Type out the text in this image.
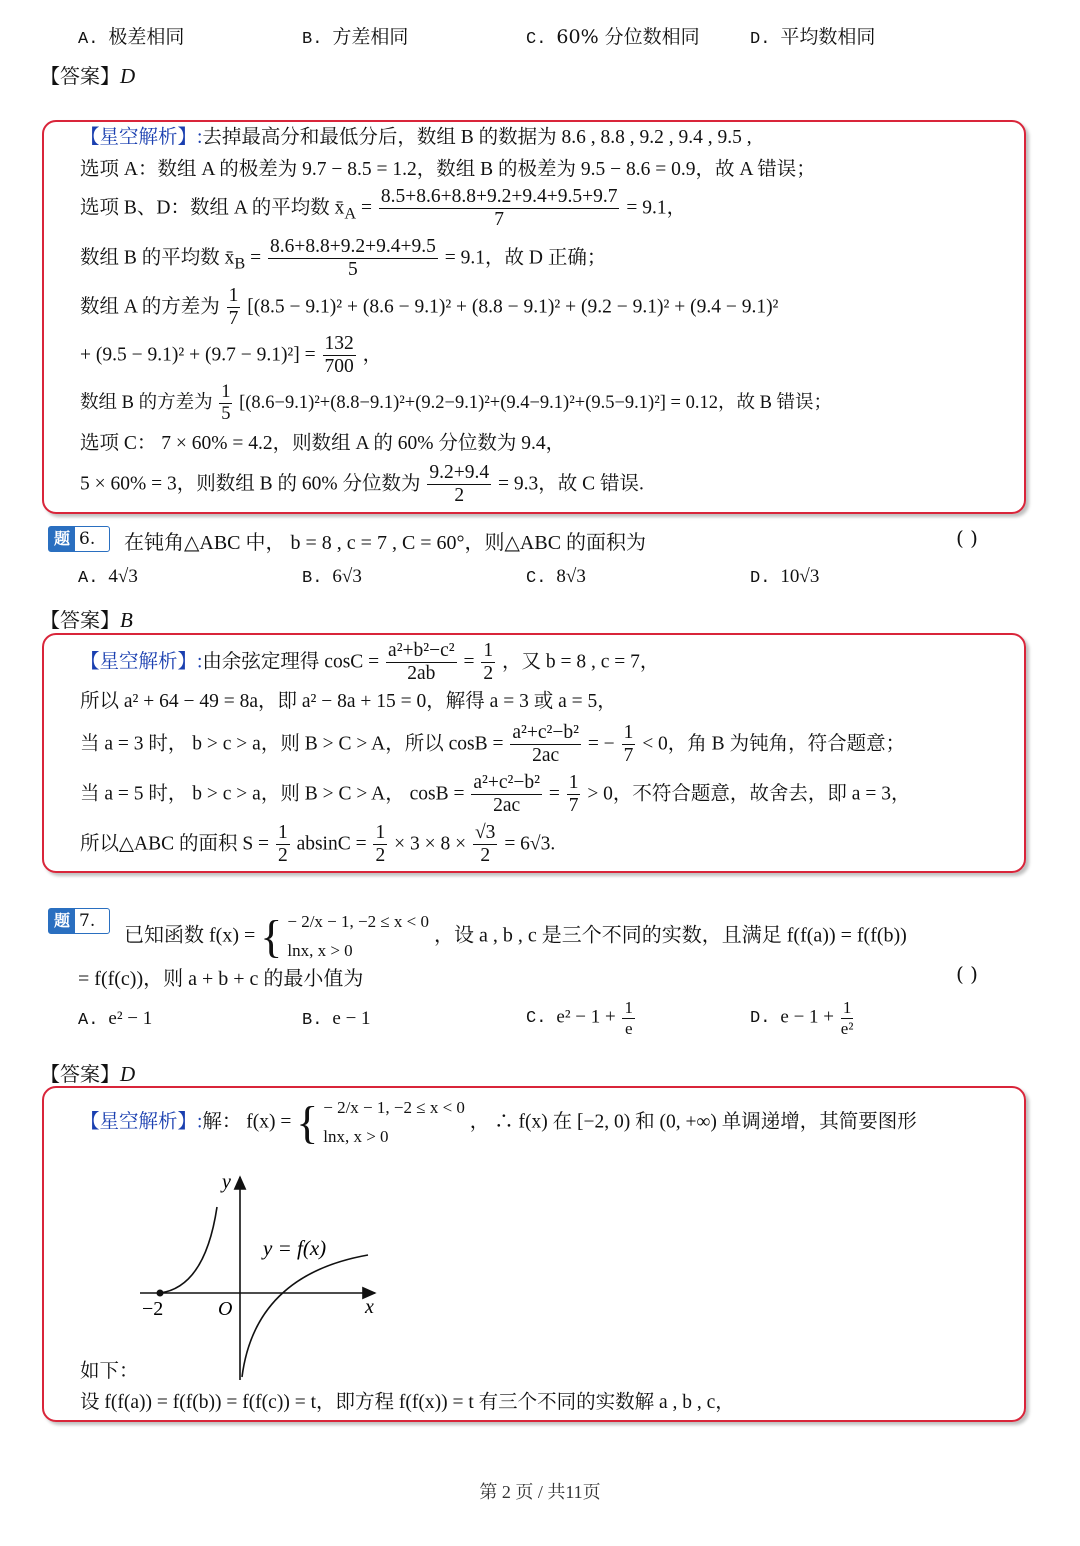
A. 极差相同	B. 方差相同	C. 60% 分位数相同	D. 平均数相同
【答案】D
【星空解析】:去掉最高分和最低分后，数组 B 的数据为 8.6 , 8.8 , 9.2 , 9.4 , 9.5 ,
选项 A：数组 A 的极差为 9.7 − 8.5 = 1.2，数组 B 的极差为 9.5 − 8.6 = 0.9，故 A 错误；
选项 B、D：数组 A 的平均数 $x̄_A = \frac{8.5+8.6+8.8+9.2+9.4+9.5+9.7}{7} = 9.1$，
数组 B 的平均数 $x̄_B = \frac{8.6+8.8+9.2+9.4+9.5}{5} = 9.1$，故 D 正确；
数组 A 的方差为 $\frac{1}{7} [(8.5 - 9.1)^2 + (8.6 - 9.1)^2 + (8.8 - 9.1)^2 + (9.2 - 9.1)^2 + (9.4 - 9.1)^2$
+ $(9.5 - 9.1)^2 + (9.7 - 9.1)^2] = \frac{132}{700}$ ，
数组 B 的方差为 $\frac{1}{5} [(8.6-9.1)^2+(8.8-9.1)^2+(9.2-9.1)^2+(9.4-9.1)^2+(9.5-9.1)^2] = 0.12$，故 B 错误；
选项 C： 7 × 60% = 4.2，则数组 A 的 60% 分位数为 9.4，
5 × 60% = 3，则数组 B 的 60% 分位数为 $\frac{9.2+9.4}{2} = 9.3$，故 C 错误.
题 6. 在钝角△ABC 中， b = 8 , c = 7 , C = 60°，则△ABC 的面积为	( )
A. 4√3	B. 6√3	C. 8√3	D. 10√3
【答案】B
【星空解析】:由余弦定理得 $\cos C = \frac{\text{a²+b²−c²}}{2ab} = \frac{1}{2}$ ，又 b = 8 , c = 7，
所以 a² + 64 − 49 = 8a，即 a² − 8a + 15 = 0，解得 a = 3 或 a = 5，
当 a = 3 时， b > c > a，则 B > C > A，所以 $\cos B = \frac{\text{a²+c²−b²}}{2ac}$ = − $\frac{1}{7} < 0$，角 B 为钝角，符合题意；
当 a = 5 时， b > c > a，则 B > C > A， $\cos B = \frac{\text{a²+c²−b²}}{2ac} = \frac{1}{7} > 0$，不符合题意，故舍去，即 a = 3，
所以△ABC 的面积 $S = \frac{1}{2}$ $absinC = \frac{1}{2} \times 3 \times 8 \times \frac{√3}{2} = 6√3$.
题 7.
已知函数 f(x) = { − 2/x − 1, −2 ≤ x < 0
lnx, x > 0
，设 a , b , c 是三个不同的实数，且满足 f(f(a)) = f(f(b))
= f(f(c))，则 a + b + c 的最小值为	( )
A. e² − 1	B. e − 1	C. $e^2 - 1 + \frac{1}{e}$	D. $e - 1 + \frac{1}{\text{e²}}$
【答案】D
【星空解析】:解： f(x) = { − 2/x − 1, −2 ≤ x < 0
lnx, x > 0
， ∴ f(x) 在 [−2, 0) 和 (0, +∞) 单调递增，其简要图形
y
x
O
−2
y = f(x)
如下：
设 f(f(a)) = f(f(b)) = f(f(c)) = t，即方程 f(f(x)) = t 有三个不同的实数解 a , b , c，
第 2 页 / 共11页
